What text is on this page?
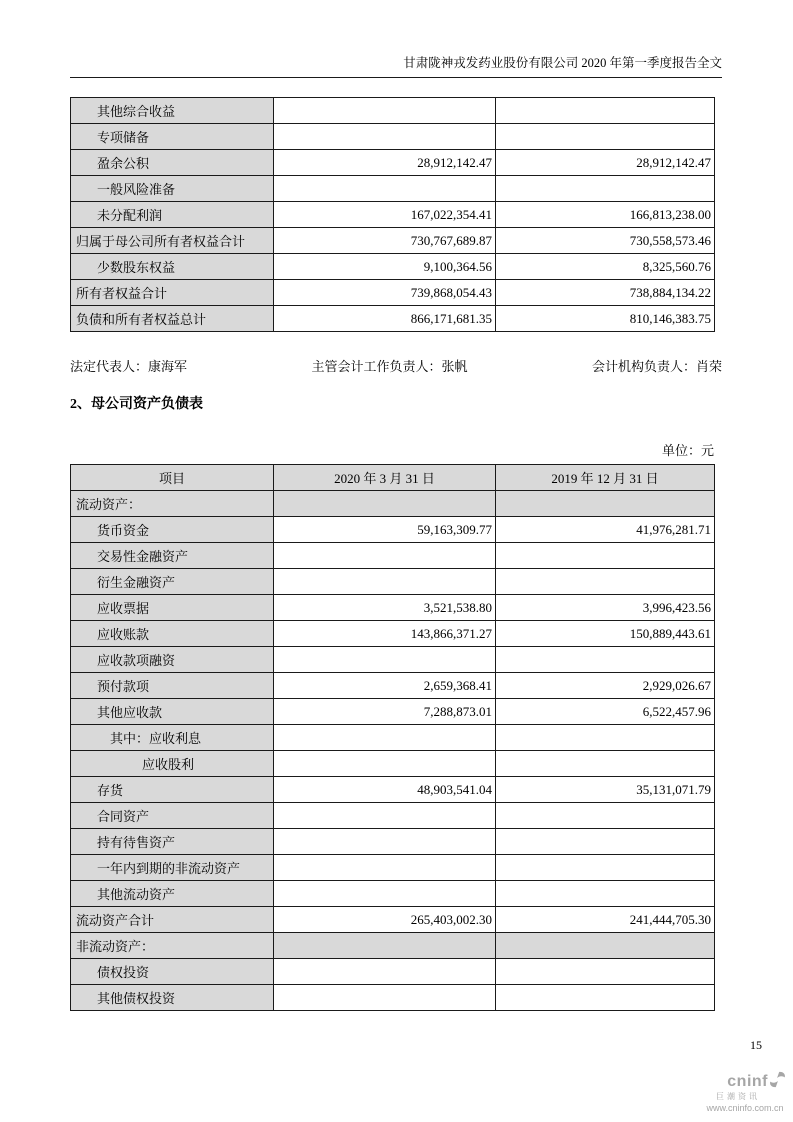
甘肃陇神戎发药业股份有限公司 2020 年第一季度报告全文
其他综合收益		
专项储备		
盈余公积	28,912,142.47	28,912,142.47
一般风险准备		
未分配利润	167,022,354.41	166,813,238.00
归属于母公司所有者权益合计	730,767,689.87	730,558,573.46
少数股东权益	9,100,364.56	8,325,560.76
所有者权益合计	739,868,054.43	738,884,134.22
负债和所有者权益总计	866,171,681.35	810,146,383.75
法定代表人：康海军	主管会计工作负责人：张帆	会计机构负责人：肖荣
2、母公司资产负债表
单位：元
项目	2020 年 3 月 31 日	2019 年 12 月 31 日
流动资产：		
货币资金	59,163,309.77	41,976,281.71
交易性金融资产		
衍生金融资产		
应收票据	3,521,538.80	3,996,423.56
应收账款	143,866,371.27	150,889,443.61
应收款项融资		
预付款项	2,659,368.41	2,929,026.67
其他应收款	7,288,873.01	6,522,457.96
其中：应收利息		
应收股利		
存货	48,903,541.04	35,131,071.79
合同资产		
持有待售资产		
一年内到期的非流动资产		
其他流动资产		
流动资产合计	265,403,002.30	241,444,705.30
非流动资产：		
债权投资		
其他债权投资		
15
cninf
巨潮资讯
www.cninfo.com.cn
